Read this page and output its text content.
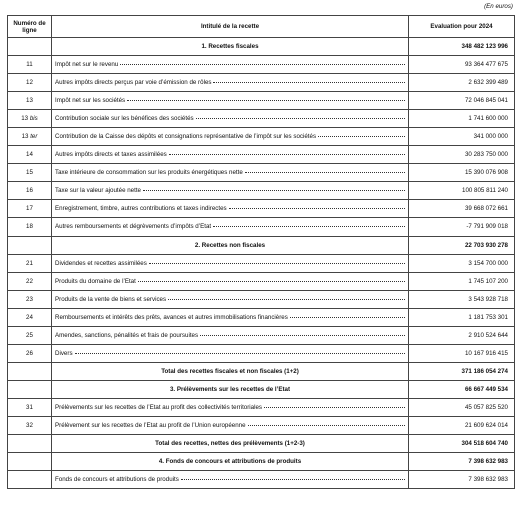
(En euros)
Numéro de ligne	Intitulé de la recette	Evaluation pour 2024
	1. Recettes fiscales	348 482 123 996
11	Impôt net sur le revenu	93 364 477 675
12	Autres impôts directs perçus par voie d’émission de rôles	2 632 399 489
13	Impôt net sur les sociétés	72 046 845 041
13 bis	Contribution sociale sur les bénéfices des sociétés	1 741 600 000
13 ter	Contribution de la Caisse des dépôts et consignations représentative de l’impôt sur les sociétés	341 000 000
14	Autres impôts directs et taxes assimilées	30 283 750 000
15	Taxe intérieure de consommation sur les produits énergétiques nette	15 390 076 908
16	Taxe sur la valeur ajoutée nette	100 805 811 240
17	Enregistrement, timbre, autres contributions et taxes indirectes	39 668 072 661
18	Autres remboursements et dégrèvements d’impôts d’Etat	-7 791 909 018
	2. Recettes non fiscales	22 703 930 278
21	Dividendes et recettes assimilées	3 154 700 000
22	Produits du domaine de l’Etat	1 745 107 200
23	Produits de la vente de biens et services	3 543 928 718
24	Remboursements et intérêts des prêts, avances et autres immobilisations financières	1 181 753 301
25	Amendes, sanctions, pénalités et frais de poursuites	2 910 524 644
26	Divers	10 167 916 415
	Total des recettes fiscales et non fiscales (1+2)	371 186 054 274
	3. Prélèvements sur les recettes de l’Etat	66 667 449 534
31	Prélèvements sur les recettes de l’Etat au profit des collectivités territoriales	45 057 825 520
32	Prélèvement sur les recettes de l’Etat au profit de l’Union européenne	21 609 624 014
	Total des recettes, nettes des prélèvements (1+2-3)	304 518 604 740
	4. Fonds de concours et attributions de produits	7 398 632 983

	Fonds de concours et attributions de produits	7 398 632 983
